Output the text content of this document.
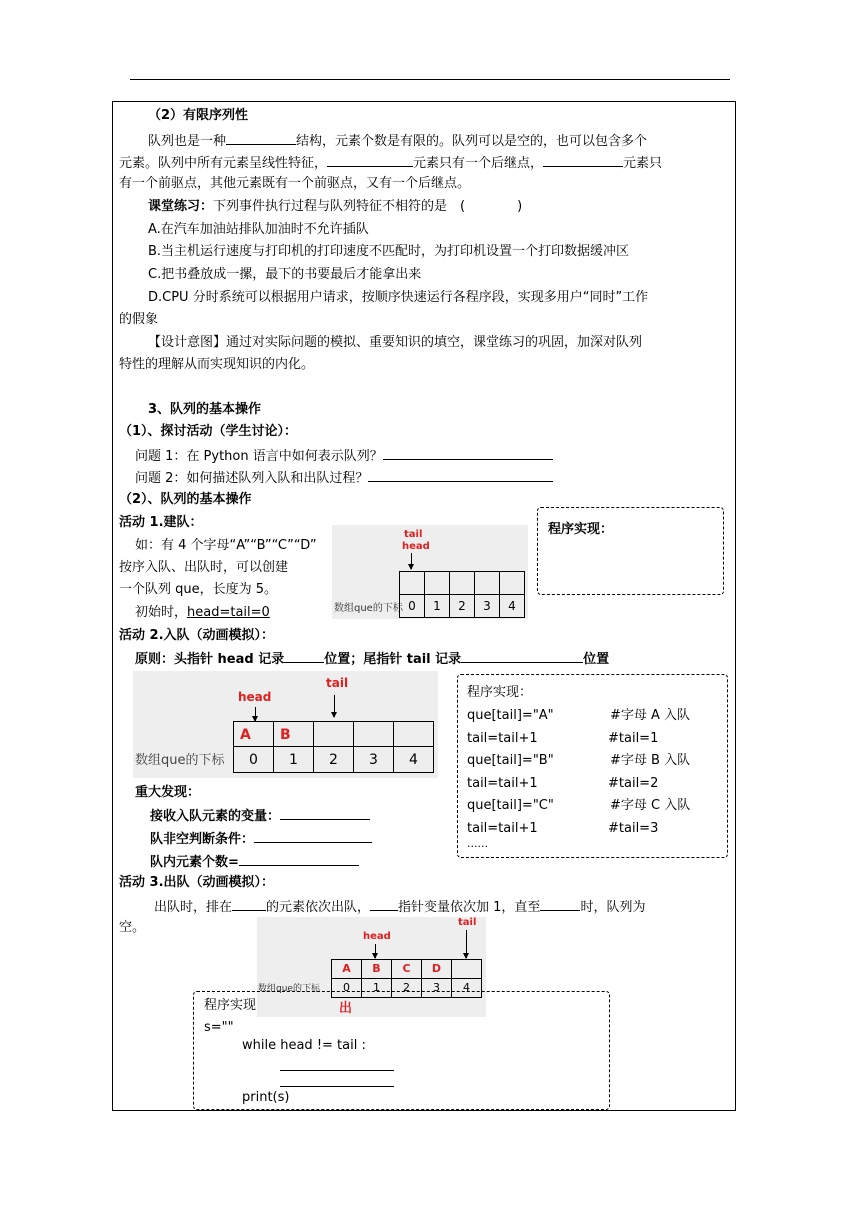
（2）有限序列性
队列也是一种	结构，元素个数是有限的。队列可以是空的，也可以包含多个
元素。队列中所有元素呈线性特征，	元素只有一个后继点，	元素只
有一个前驱点，其他元素既有一个前驱点，又有一个后继点。
课堂练习：下列事件执行过程与队列特征不相符的是　(　　　　)
A.在汽车加油站排队加油时不允许插队
B.当主机运行速度与打印机的打印速度不匹配时，为打印机设置一个打印数据缓冲区
C.把书叠放成一摞，最下的书要最后才能拿出来
D.CPU 分时系统可以根据用户请求，按顺序快速运行各程序段，实现多用户“同时”工作
的假象
【设计意图】通过对实际问题的模拟、重要知识的填空，课堂练习的巩固，加深对队列
特性的理解从而实现知识的内化。
3、队列的基本操作
（1）、探讨活动（学生讨论）：
问题 1：在 Python 语言中如何表示队列？
问题 2：如何描述队列入队和出队过程？
（2）、队列的基本操作
活动 1.建队：
如：有 4 个字母“A”“B”“C”“D”
按序入队、出队时，可以创建
一个队列 que，长度为 5。
初始时，head=tail=0
tail
head
数组que的下标 0	1	2	3	4
程序实现：
活动 2.入队（动画模拟）：
原则：头指针 head 记录	位置；尾指针 tail 记录	位置
head
tail
A	B
数组que的下标	0	1	2	3	4
重大发现：
接收入队元素的变量：
队非空判断条件：
队内元素个数=
程序实现：
que[tail]="A"	#字母 A 入队
tail=tail+1	#tail=1
que[tail]="B"	#字母 B 入队
tail=tail+1	#tail=2
que[tail]="C"	#字母 C 入队
tail=tail+1	#tail=3
......
活动 3.出队（动画模拟）：
出队时，排在	的元素依次出队， 指针变量依次加 1，直至	时，队列为
空。
head
tail
A	B	C	D
数组que的下标	0	1	2	3	4
出
程序实现
s=""
while head != tail :
print(s)
